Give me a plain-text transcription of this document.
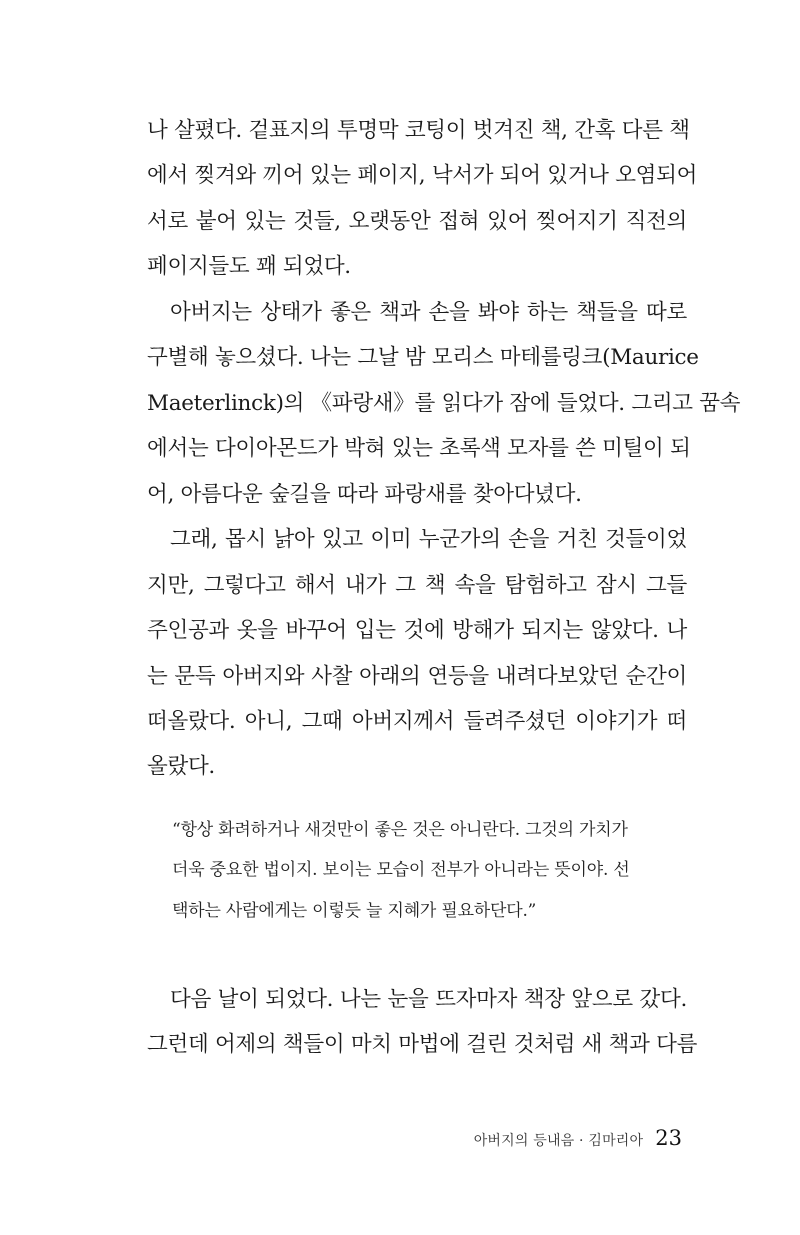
나 살폈다. 겉표지의 투명막 코팅이 벗겨진 책, 간혹 다른 책
에서 찢겨와 끼어 있는 페이지, 낙서가 되어 있거나 오염되어
서로 붙어 있는 것들, 오랫동안 접혀 있어 찢어지기 직전의
페이지들도 꽤 되었다.
아버지는 상태가 좋은 책과 손을 봐야 하는 책들을 따로
구별해 놓으셨다. 나는 그날 밤 모리스 마테를링크(Maurice
Maeterlinck)의 《파랑새》를 읽다가 잠에 들었다. 그리고 꿈속
에서는 다이아몬드가 박혀 있는 초록색 모자를 쓴 미틸이 되
어, 아름다운 숲길을 따라 파랑새를 찾아다녔다.
그래, 몹시 낡아 있고 이미 누군가의 손을 거친 것들이었
지만, 그렇다고 해서 내가 그 책 속을 탐험하고 잠시 그들
주인공과 옷을 바꾸어 입는 것에 방해가 되지는 않았다. 나
는 문득 아버지와 사찰 아래의 연등을 내려다보았던 순간이
떠올랐다. 아니, 그때 아버지께서 들려주셨던 이야기가 떠
올랐다.
“항상 화려하거나 새것만이 좋은 것은 아니란다. 그것의 가치가
더욱 중요한 법이지. 보이는 모습이 전부가 아니라는 뜻이야. 선
택하는 사람에게는 이렇듯 늘 지혜가 필요하단다.”
다음 날이 되었다. 나는 눈을 뜨자마자 책장 앞으로 갔다.
그런데 어제의 책들이 마치 마법에 걸린 것처럼 새 책과 다름
아버지의 등내음 · 김마리아 23
